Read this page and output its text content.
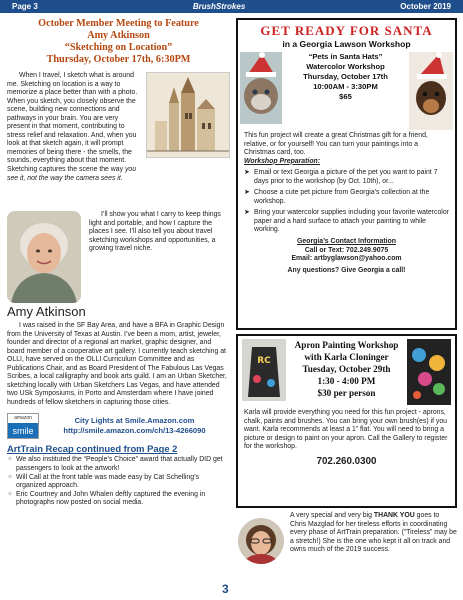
Page 3	BrushStrokes	October 2019
October Member Meeting to Feature
Amy Atkinson
“Sketching on Location”
Thursday, October 17th, 6:30PM

When I travel, I sketch what is around me. Sketching on location is a way to memorize a place better than with a photo. When you sketch, you closely observe the scene, building new connections and pathways in your brain. You are very present in that moment, contributing to stress relief and relaxation. And, when you look at that sketch again, it will prompt memories of being there - the smells, the sounds, everything about that moment. Sketching captures the scene the way you see it, not the way the camera sees it.

Amy Atkinson

I’ll show you what I carry to keep things light and portable, and how I capture the places I see. I’ll also tell you about travel sketching workshops and opportunities, a growing travel niche.

I was raised in the SF Bay Area, and have a BFA in Graphic Design from the University of Texas at Austin. I’ve been a mom, artist, jeweler, founder and director of a regional art market, graphic designer, and board member of a cooperative art gallery. I currently teach sketching at OLLI, have served on the OLLI Curriculum Committee and as Publications Chair, and as Board President of The Fabulous Las Vegas Scribes, a local calligraphy and book arts guild. I am an Urban Sketcher, sketching locally with Urban Sketchers Las Vegas, and have attended two USk Symposiums, in Porto and Amsterdam where I have joined hundreds of fellow sketchers in capturing those cities.

amazon
smile
City Lights at Smile.Amazon.com
http://smile.amazon.com/ch/13-4266090
ArtTrain Recap continued from Page 2
✧ We also instituted the “People’s Choice” award that actually DID get passengers to look at the artwork!
✧ Will Call at the front table was made easy by Cat Schelling’s organized approach.
✧ Eric Courtney and John Whalen deftly captured the evening in photographs now posted on social media.
3
GET READY FOR SANTA
in a Georgia Lawson Workshop
“Pets in Santa Hats”
Watercolor Workshop
Thursday, October 17th
10:00AM - 3:30PM
$65

This fun project will create a great Christmas gift for a friend, relative, or for yourself! You can turn your paintings into a Christmas card, too.

Workshop Preparation:

➤ Email or text Georgia a picture of the pet you want to paint 7 days prior to the workshop (by Oct. 10th), or...
➤ Choose a cute pet picture from Georgia’s collection at the workshop.
➤ Bring your watercolor supplies including your favorite watercolor paper and a hard surface to attach your painting to while working.
Georgia’s Contact Information
Call or Text: 702.249.9075
Email: artbyglawson@yahoo.com
Any questions? Give Georgia a call!
RC
Apron Painting Workshop
with Karla Cloninger
Tuesday, October 29th
1:30 - 4:00 PM
$30 per person

Karla will provide everything you need for this fun project - aprons, chalk, paints and brushes. You can bring your own brush(es) if you want. Karla recommends at least a 1” flat. You will need to bring a picture or design to paint on your apron. Call the Gallery to register for the workshop.

702.260.0300
A very special and very big THANK YOU goes to Chris Mazglad for her tireless efforts in coordinating every phase of ArtTrain preparation. (“Tireless” may be a stretch!) She is the one who kept it all on track and owns much of the 2019 success.
